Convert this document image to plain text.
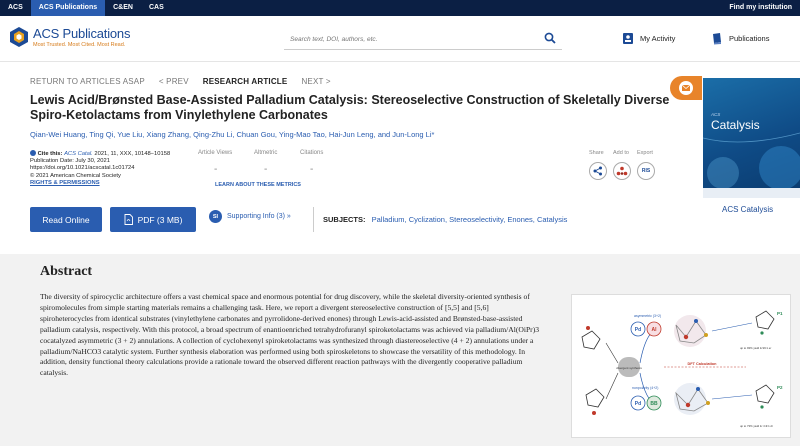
ACS	ACS Publications	C&EN	CAS	Find my institution
ACS Publications
Most Trusted. Most Cited. Most Read.
Search text, DOI, authors, etc.
My Activity	Publications
RETURN TO ARTICLES ASAP < PREV RESEARCH ARTICLE NEXT >
Lewis Acid/Brønsted Base-Assisted Palladium Catalysis: Stereoselective Construction of Skeletally Diverse Spiro-Ketolactams from Vinylethylene Carbonates
Qian-Wei Huang, Ting Qi, Yue Liu, Xiang Zhang, Qing-Zhu Li, Chuan Gou, Ying-Mao Tao, Hai-Jun Leng, and Jun-Long Li*
Cite this: ACS Catal. 2021, 11, XXX, 10148−10158
Publication Date: July 30, 2021
https://doi.org/10.1021/acscatal.1c01724
© 2021 American Chemical Society
RIGHTS & PERMISSIONS
Article Views
-
Altmetric
-
Citations
-
LEARN ABOUT THESE METRICS
Share	Add to	Export
RIS
Read Online	PDF (3 MB)	SI	Supporting Info (3) »	SUBJECTS: Palladium, Cyclization, Stereoselectivity, Enones, Catalysis
ACS
Catalysis
ACS Catalysis
Abstract
The diversity of spirocyclic architecture offers a vast chemical space and enormous potential for drug discovery, while the skeletal diversity-oriented synthesis of spiromolecules from simple starting materials remains a challenging task. Here, we report a divergent stereoselective construction of [5,5] and [5,6] spiroheterocycles from identical substrates (vinylethylene carbonates and pyrrolidone-derived enones) through Lewis-acid-assisted and Brønsted-base-assisted palladium catalysis, respectively. With this protocol, a broad spectrum of enantioenriched tetrahydrofuranyl spiroketolactams was achieved via palladium/Al(OiPr)3 cocatalyzed asymmetric (3 + 2) annulations. A collection of cyclohexenyl spiroketolactams was synthesized through diastereoselective (4 + 2) annulations under a palladium/NaHCO3 catalytic system. Further synthesis elaboration was performed using both spiroskeletons to showcase the versatility of this methodology. In addition, density functional theory calculations provide a rationale toward the observed different reaction pathways with the divergently cooperative palladium catalysis.
divergent synthesis
asymmetric (3+2)
nonpolarity (4+2)
Pd Al
Pd BB
DFT Calculation
P1
up to 93% yield & 99:1 er
P2
up to 73% yield & >19:1 dr
